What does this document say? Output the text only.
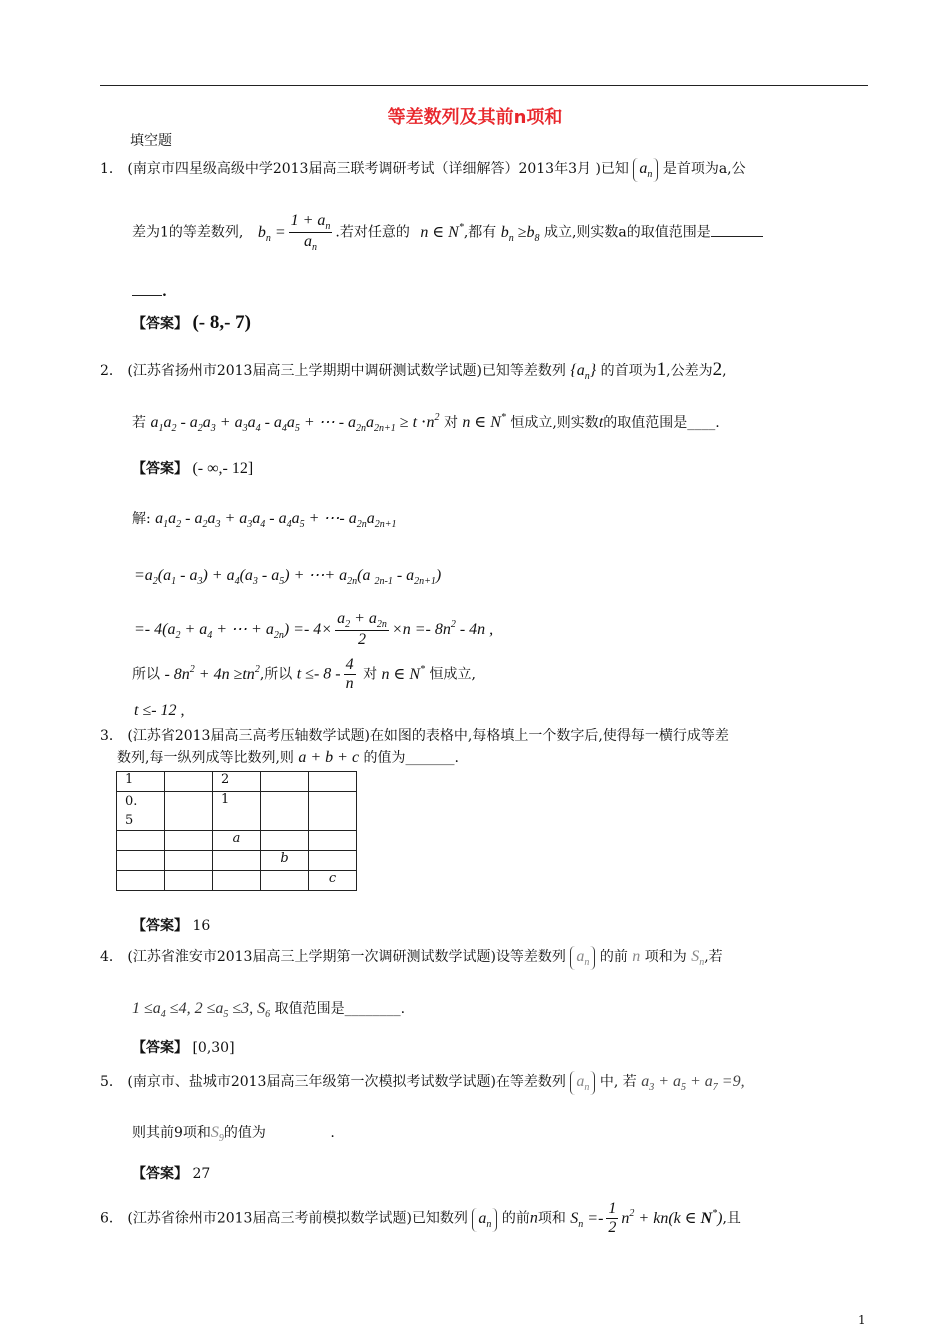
等差数列及其前n项和
填空题
1． (南京市四星级高级中学2013届高三联考调研考试（详细解答）2013年3月 )已知 $a_n$ 是首项为a,公
差为1的等差数列, $b_n = \frac{1 + a_n}{a_n}$ .若对任意的 n ∈ N*,都有 $b_n \ge b_8$ 成立,则实数a的取值范围是
.
【答案】 (- 8,- 7)
2． (江苏省扬州市2013届高三上学期期中调研测试数学试题)已知等差数列 $\{a_n\}$ 的首项为1,公差为2,
若 $a_1a_2 - a_2a_3 + a_3a_4 - a_4a_5$ + ⋯ - $a_{2n}a_{2n+1} \ge t \cdot n^2$ 对 n ∈ N* 恒成立,则实数t的取值范围是____.
【答案】 (- ∞,- 12]
解: $a_1a_2 - a_2a_3 + a_3a_4 - a_4a_5$ + ⋯- $a_{2n}a_{2n+1}$
$=a_2(a_1 - a_3) + a_4(a_3 - a_5)$ + ⋯+ $a_{2n}(a$ $_{2n-1} - a_{2n+1}$)
=- $4(a_2 + a_4$ + ⋯ + $a_{2n}) =- 4\times \frac{a_2 + a_{2n}}{2} \times n =- 8n^2 - 4n$ ,
所以 - $8n^2 + 4n \ge tn^2$,所以 $t \le- 8 - \frac{4}{n}$ 对 n ∈ N* 恒成立,
t ≤- 12 ,
3． (江苏省2013届高三高考压轴数学试题)在如图的表格中,每格填上一个数字后,使得每一横行成等差
数列,每一纵列成等比数列,则 a + b + c 的值为_______.
1		2		
0.
5		1		
		a		
			b	
				c
【答案】 16
4． (江苏省淮安市2013届高三上学期第一次调研测试数学试题)设等差数列 $a_n$ 的前 n 项和为 $S_n$,若
$1 \le a_4 \le 4$, $2 \le a_5 \le 3$, $S_6$ 取值范围是________.
【答案】 [0,30]
5． (南京市、盐城市2013届高三年级第一次模拟考试数学试题)在等差数列 $a_n$ 中, 若 $a_3 + a_5 + a_7 =9$,
则其前9项和$S_9$的值为	.
【答案】 27
6． (江苏省徐州市2013届高三考前模拟数学试题)已知数列 $a_n$ 的前n项和 $S_n =- \frac{1}{2} n^2 + kn(k$ ∈ N*),且
1
